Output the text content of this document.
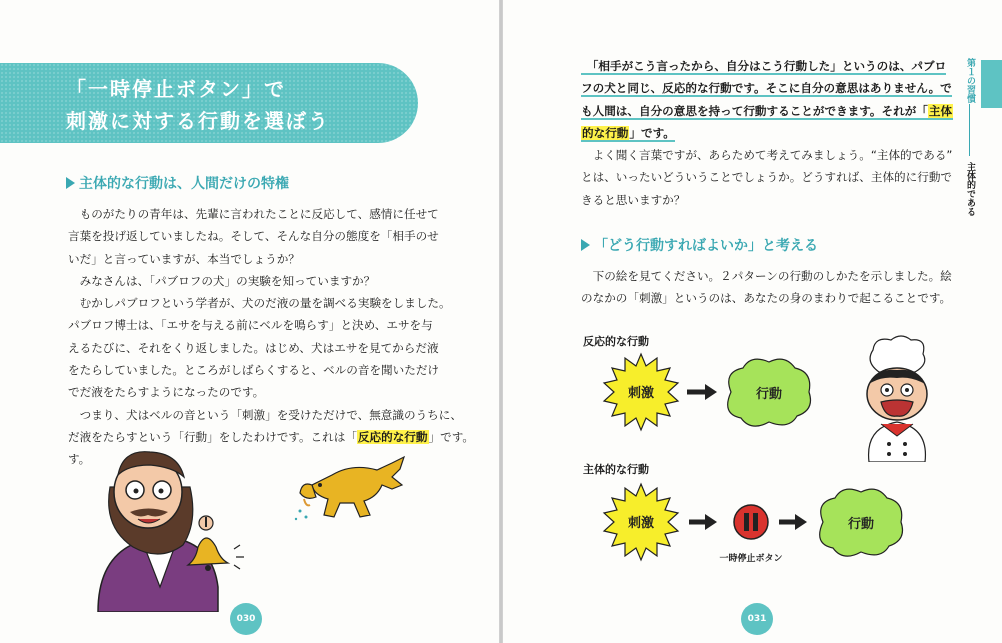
「一時停止ボタン」で
刺激に対する行動を選ぼう
主体的な行動は、人間だけの特権
　ものがたりの青年は、先輩に言われたことに反応して、感情に任せて
言葉を投げ返していましたね。そして、そんな自分の態度を「相手のせ
いだ」と言っていますが、本当でしょうか？
　みなさんは、「パブロフの犬」の実験を知っていますか？
　むかしパブロフという学者が、犬のだ液の量を調べる実験をしました。
パブロフ博士は、「エサを与える前にベルを鳴らす」と決め、エサを与
えるたびに、それをくり返しました。はじめ、犬はエサを見てからだ液
をたらしていました。ところがしばらくすると、ベルの音を聞いただけ
でだ液をたらすようになったのです。
　つまり、犬はベルの音という「刺激」を受けただけで、無意識のうちに、
だ液をたらすという「行動」をしたわけです。これは「反応的な行動」です。
す。
030
第１の習慣
主体的である
　「相手がこう言ったから、自分はこう行動した」というのは、パブロ
フの犬と同じ、反応的な行動です。そこに自分の意思はありません。で
も人間は、自分の意思を持って行動することができます。それが「主体
的な行動」です。
　よく聞く言葉ですが、あらためて考えてみましょう。“主体的である”
とは、いったいどういうことでしょうか。どうすれば、主体的に行動で
きると思いますか？
「どう行動すればよいか」と考える
　下の絵を見てください。２パターンの行動のしかたを示しました。絵
のなかの「刺激」というのは、あなたの身のまわりで起こることです。
反応的な行動
刺激	行動
主体的な行動
刺激
一時停止ボタン
行動
031
